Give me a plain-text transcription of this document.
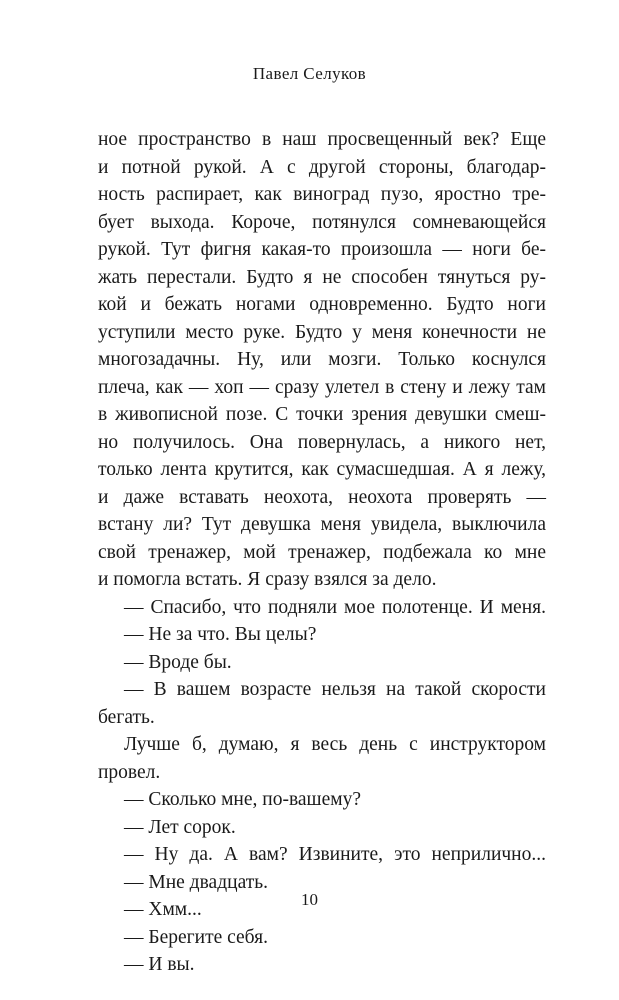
Павел Селуков
ное пространство в наш просвещенный век? Еще
и потной рукой. А с другой стороны, благодар-
ность распирает, как виноград пузо, яростно тре-
бует выхода. Короче, потянулся сомневающейся
рукой. Тут фигня какая-то произошла — ноги бе-
жать перестали. Будто я не способен тянуться ру-
кой и бежать ногами одновременно. Будто ноги
уступили место руке. Будто у меня конечности не
многозадачны. Ну, или мозги. Только коснулся
плеча, как — хоп — сразу улетел в стену и лежу там
в живописной позе. С точки зрения девушки смеш-
но получилось. Она повернулась, а никого нет,
только лента крутится, как сумасшедшая. А я лежу,
и даже вставать неохота, неохота проверять —
встану ли? Тут девушка меня увидела, выключила
свой тренажер, мой тренажер, подбежала ко мне
и помогла встать. Я сразу взялся за дело.
— Спасибо, что подняли мое полотенце. И меня.
— Не за что. Вы целы?
— Вроде бы.
— В вашем возрасте нельзя на такой скорости
бегать.
Лучше б, думаю, я весь день с инструктором
провел.
— Сколько мне, по-вашему?
— Лет сорок.
— Ну да. А вам? Извините, это неприлично...
— Мне двадцать.
— Хмм...
— Берегите себя.
— И вы.
10
